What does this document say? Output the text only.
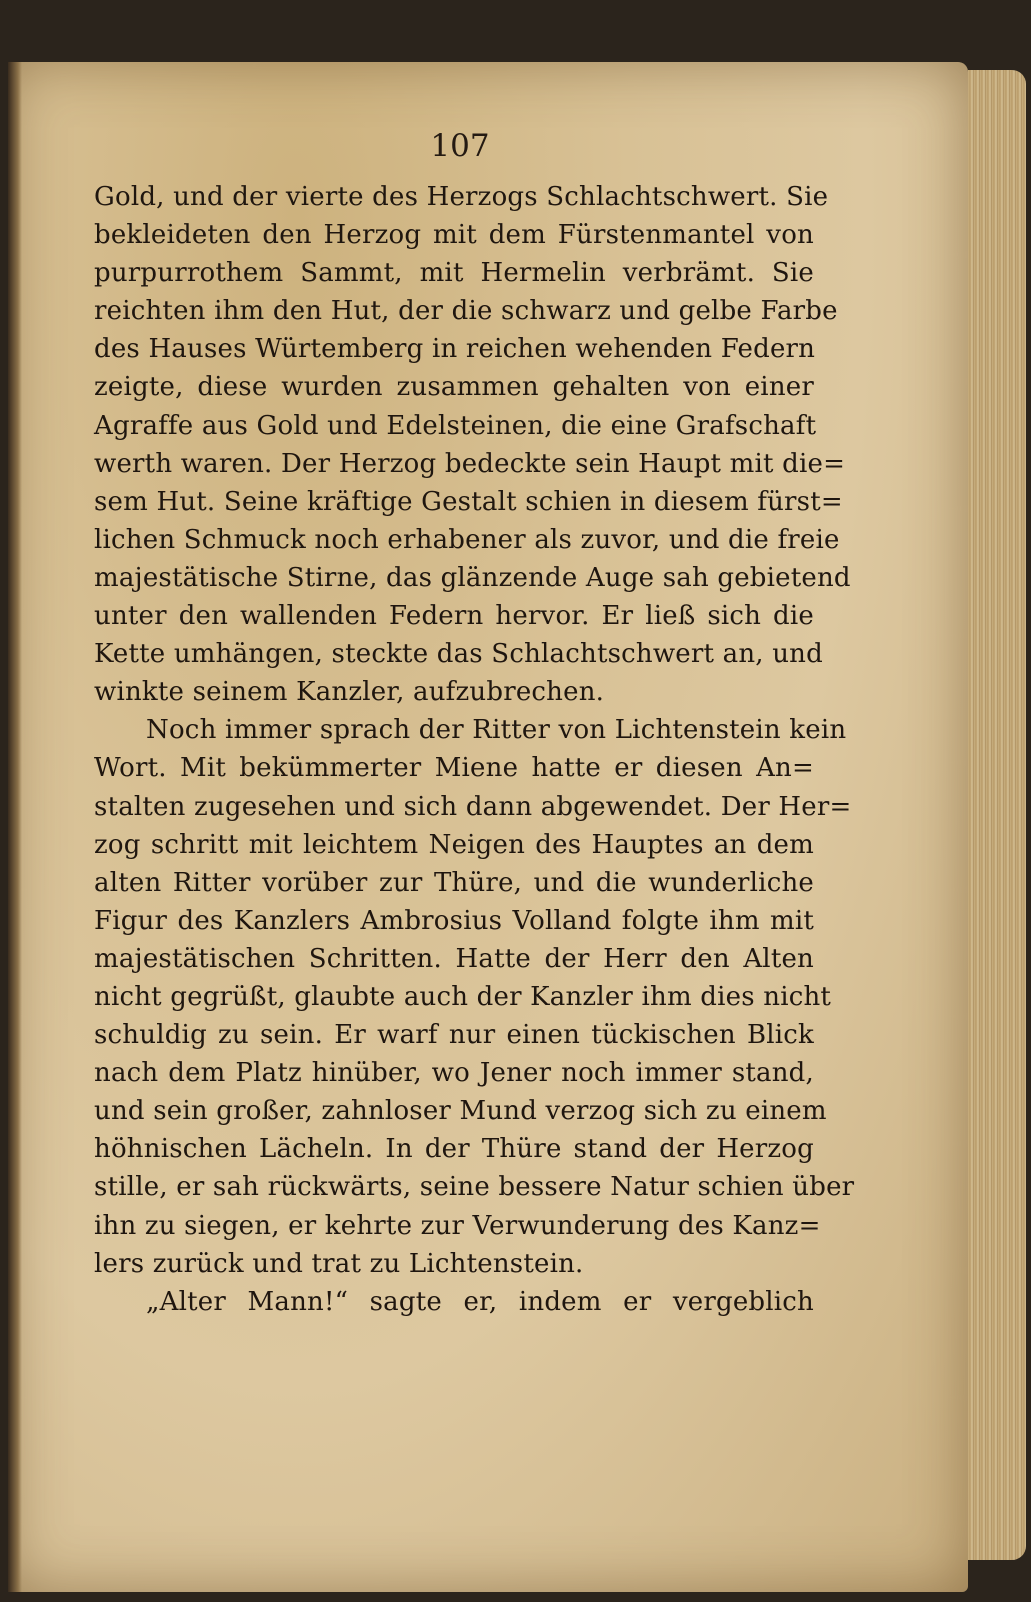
107
Gold, und der vierte des Herzogs Schlachtschwert. Sie
bekleideten den Herzog mit dem Fürstenmantel von
purpurrothem Sammt, mit Hermelin verbrämt. Sie
reichten ihm den Hut, der die schwarz und gelbe Farbe
des Hauses Würtemberg in reichen wehenden Federn
zeigte, diese wurden zusammen gehalten von einer
Agraffe aus Gold und Edelsteinen, die eine Grafschaft
werth waren. Der Herzog bedeckte sein Haupt mit die=
sem Hut. Seine kräftige Gestalt schien in diesem fürst=
lichen Schmuck noch erhabener als zuvor, und die freie
majestätische Stirne, das glänzende Auge sah gebietend
unter den wallenden Federn hervor. Er ließ sich die
Kette umhängen, steckte das Schlachtschwert an, und
winkte seinem Kanzler, aufzubrechen.
Noch immer sprach der Ritter von Lichtenstein kein
Wort. Mit bekümmerter Miene hatte er diesen An=
stalten zugesehen und sich dann abgewendet. Der Her=
zog schritt mit leichtem Neigen des Hauptes an dem
alten Ritter vorüber zur Thüre, und die wunderliche
Figur des Kanzlers Ambrosius Volland folgte ihm mit
majestätischen Schritten. Hatte der Herr den Alten
nicht gegrüßt, glaubte auch der Kanzler ihm dies nicht
schuldig zu sein. Er warf nur einen tückischen Blick
nach dem Platz hinüber, wo Jener noch immer stand,
und sein großer, zahnloser Mund verzog sich zu einem
höhnischen Lächeln. In der Thüre stand der Herzog
stille, er sah rückwärts, seine bessere Natur schien über
ihn zu siegen, er kehrte zur Verwunderung des Kanz=
lers zurück und trat zu Lichtenstein.
„Alter Mann!“ sagte er, indem er vergeblich
